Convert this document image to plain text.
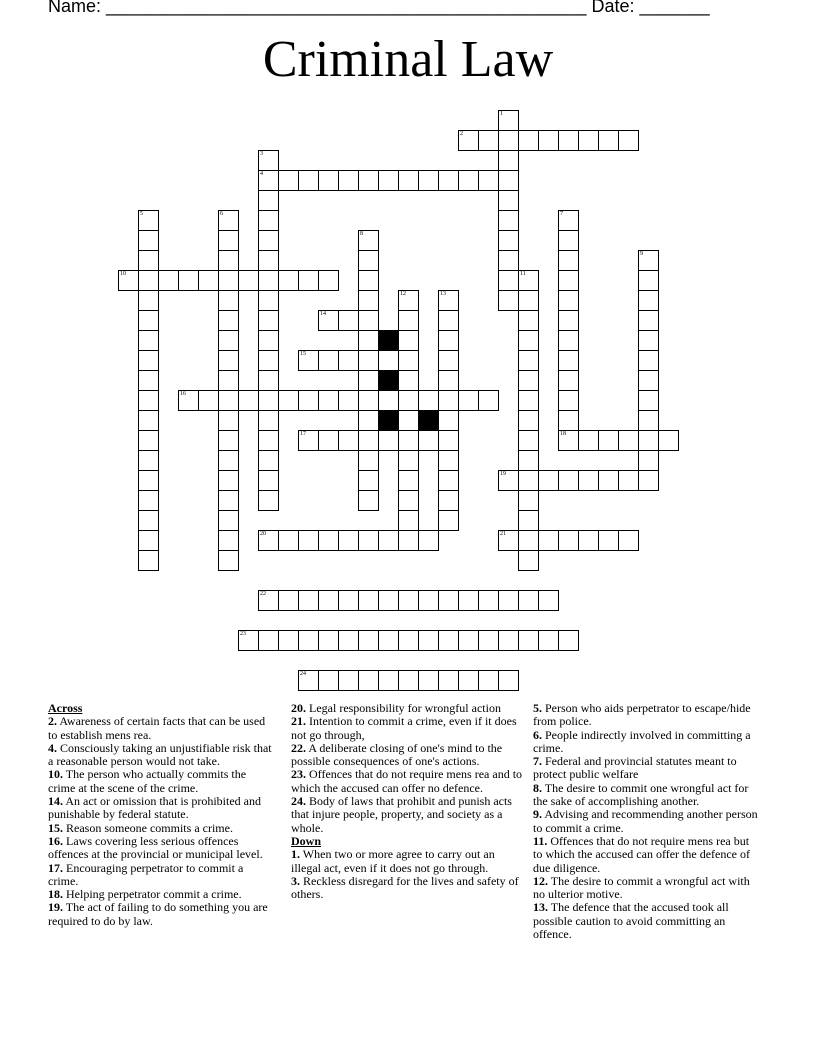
Name: ________________________________________________ Date: _______
Criminal Law
1
2
3
4
5	6	7
8
9
10	11
12	13
14
15
16
17	18
19
20	21
22
23
24
Across
2. Awareness of certain facts that can be used to establish mens rea.
4. Consciously taking an unjustifiable risk that a reasonable person would not take.
10. The person who actually commits the crime at the scene of the crime.
14. An act or omission that is prohibited and punishable by federal statute.
15. Reason someone commits a crime.
16. Laws covering less serious offences offences at the provincial or municipal level.
17. Encouraging perpetrator to commit a crime.
18. Helping perpetrator commit a crime.
19. The act of failing to do something you are required to do by law.
20. Legal responsibility for wrongful action
21. Intention to commit a crime, even if it does not go through,
22. A deliberate closing of one's mind to the possible consequences of one's actions.
23. Offences that do not require mens rea and to which the accused can offer no defence.
24. Body of laws that prohibit and punish acts that injure people, property, and society as a whole.
Down
1. When two or more agree to carry out an illegal act, even if it does not go through.
3. Reckless disregard for the lives and safety of others.
5. Person who aids perpetrator to escape/hide from police.
6. People indirectly involved in committing a crime.
7. Federal and provincial statutes meant to protect public welfare
8. The desire to commit one wrongful act for the sake of accomplishing another.
9. Advising and recommending another person to commit a crime.
11. Offences that do not require mens rea but to which the accused can offer the defence of due diligence.
12. The desire to commit a wrongful act with no ulterior motive.
13. The defence that the accused took all possible caution to avoid committing an offence.
